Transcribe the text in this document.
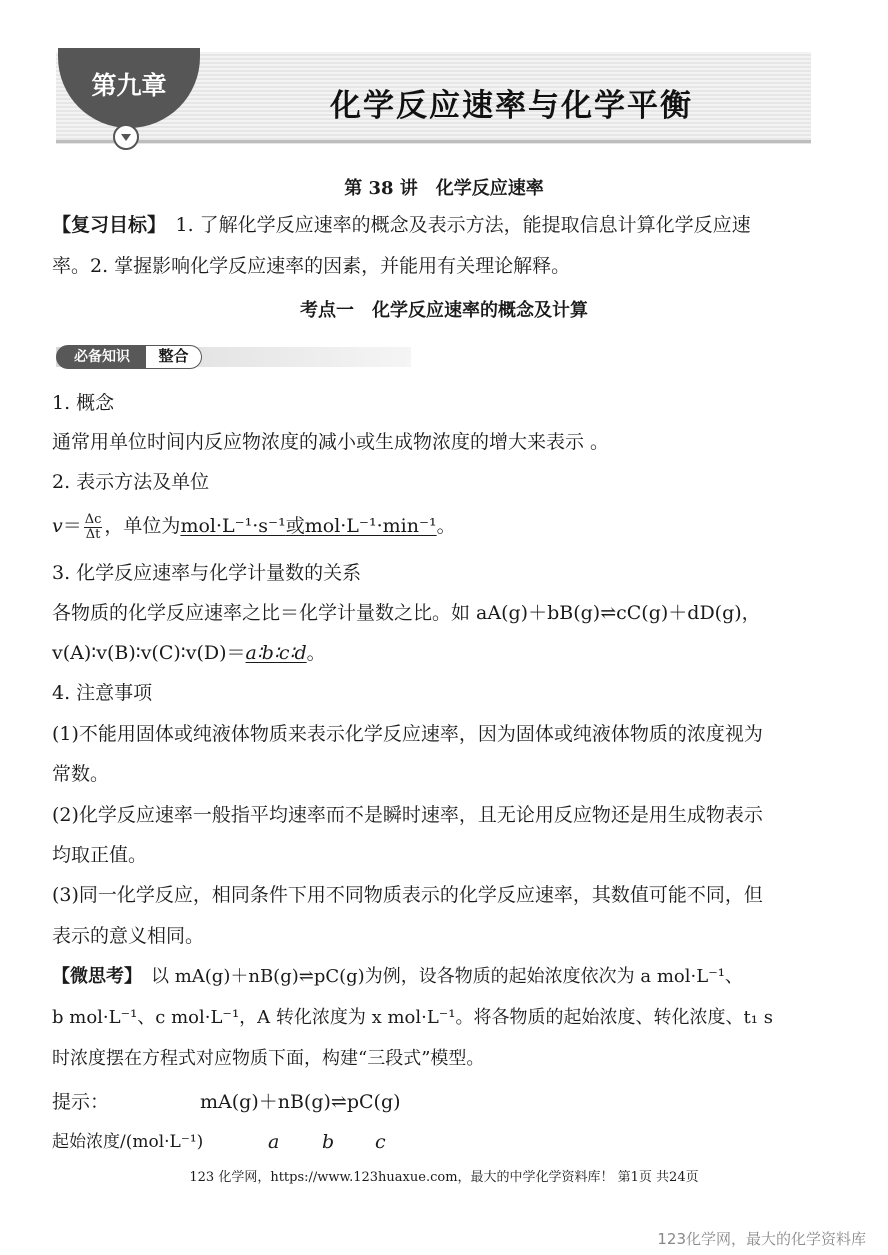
第九章
化学反应速率与化学平衡
第 38 讲　化学反应速率
【复习目标】　1. 了解化学反应速率的概念及表示方法，能提取信息计算化学反应速
率。2. 掌握影响化学反应速率的因素，并能用有关理论解释。
考点一　化学反应速率的概念及计算
必备知识	整合
1. 概念
通常用单位时间内反应物浓度的减小或生成物浓度的增大来表示 。
2. 表示方法及单位
$v= \frac{\Delta c}{\Delta t}$ ，单位为mol·L⁻¹·s⁻¹或mol·L⁻¹·min⁻¹。
3. 化学反应速率与化学计量数的关系
各物质的化学反应速率之比＝化学计量数之比。如 aA(g)＋bB(g)⇌cC(g)＋dD(g)，
v(A)∶v(B)∶v(C)∶v(D)＝a∶b∶c∶d。
4. 注意事项
(1)不能用固体或纯液体物质来表示化学反应速率，因为固体或纯液体物质的浓度视为
常数。
(2)化学反应速率一般指平均速率而不是瞬时速率，且无论用反应物还是用生成物表示
均取正值。
(3)同一化学反应，相同条件下用不同物质表示的化学反应速率，其数值可能不同，但
表示的意义相同。
【微思考】　以 mA(g)＋nB(g)⇌pC(g)为例，设各物质的起始浓度依次为 a mol·L⁻¹、
b mol·L⁻¹、c mol·L⁻¹，A 转化浓度为 x mol·L⁻¹。将各物质的起始浓度、转化浓度、t₁ s
时浓度摆在方程式对应物质下面，构建“三段式”模型。
提示：	mA(g)＋nB(g)⇌pC(g)
起始浓度/(mol·L⁻¹)	a b c
123 化学网，https://www.123huaxue.com，最大的中学化学资料库！ 第1页 共24页
123化学网，最大的化学资料库
